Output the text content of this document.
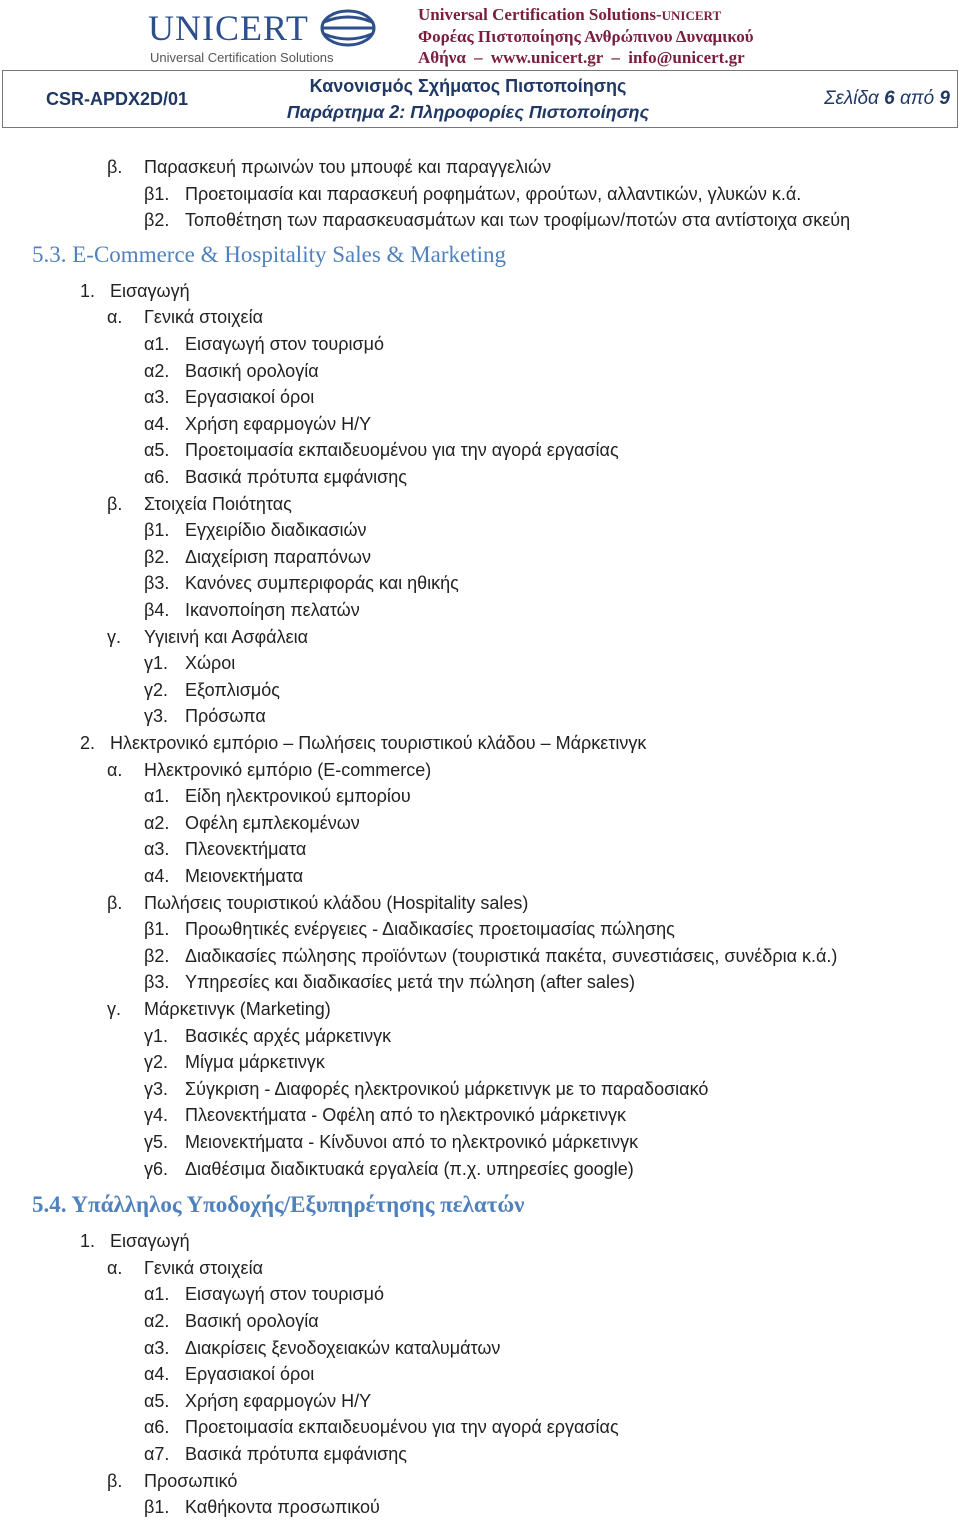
UNICERT
Universal Certification Solutions
Universal Certification Solutions-UNICERT
Φορέας Πιστοποίησης Ανθρώπινου Δυναμικού
Αθήνα – www.unicert.gr – info@unicert.gr
CSR-APDX2D/01
Κανονισμός Σχήματος Πιστοποίησης
Παράρτημα 2: Πληροφορίες Πιστοποίησης
Σελίδα 6 από 9
β. Παρασκευή πρωινών του μπουφέ και παραγγελιών
β1. Προετοιμασία και παρασκευή ροφημάτων, φρούτων, αλλαντικών, γλυκών κ.ά.
β2. Τοποθέτηση των παρασκευασμάτων και των τροφίμων/ποτών στα αντίστοιχα σκεύη
5.3. E-Commerce & Hospitality Sales & Marketing
1. Εισαγωγή
α. Γενικά στοιχεία
α1. Εισαγωγή στον τουρισμό
α2. Βασική ορολογία
α3. Εργασιακοί όροι
α4. Χρήση εφαρμογών Η/Υ
α5. Προετοιμασία εκπαιδευομένου για την αγορά εργασίας
α6. Βασικά πρότυπα εμφάνισης
β. Στοιχεία Ποιότητας
β1. Εγχειρίδιο διαδικασιών
β2. Διαχείριση παραπόνων
β3. Κανόνες συμπεριφοράς και ηθικής
β4. Ικανοποίηση πελατών
γ. Υγιεινή και Ασφάλεια
γ1. Χώροι
γ2. Εξοπλισμός
γ3. Πρόσωπα
2. Ηλεκτρονικό εμπόριο – Πωλήσεις τουριστικού κλάδου – Μάρκετινγκ
α. Ηλεκτρονικό εμπόριο (E-commerce)
α1. Είδη ηλεκτρονικού εμπορίου
α2. Οφέλη εμπλεκομένων
α3. Πλεονεκτήματα
α4. Μειονεκτήματα
β. Πωλήσεις τουριστικού κλάδου (Hospitality sales)
β1. Προωθητικές ενέργειες - Διαδικασίες προετοιμασίας πώλησης
β2. Διαδικασίες πώλησης προϊόντων (τουριστικά πακέτα, συνεστιάσεις, συνέδρια κ.ά.)
β3. Υπηρεσίες και διαδικασίες μετά την πώληση (after sales)
γ. Μάρκετινγκ (Marketing)
γ1. Βασικές αρχές μάρκετινγκ
γ2. Μίγμα μάρκετινγκ
γ3. Σύγκριση - Διαφορές ηλεκτρονικού μάρκετινγκ με το παραδοσιακό
γ4. Πλεονεκτήματα - Οφέλη από το ηλεκτρονικό μάρκετινγκ
γ5. Μειονεκτήματα - Κίνδυνοι από το ηλεκτρονικό μάρκετινγκ
γ6. Διαθέσιμα διαδικτυακά εργαλεία (π.χ. υπηρεσίες google)
5.4. Υπάλληλος Υποδοχής/Εξυπηρέτησης πελατών
1. Εισαγωγή
α. Γενικά στοιχεία
α1. Εισαγωγή στον τουρισμό
α2. Βασική ορολογία
α3. Διακρίσεις ξενοδοχειακών καταλυμάτων
α4. Εργασιακοί όροι
α5. Χρήση εφαρμογών Η/Υ
α6. Προετοιμασία εκπαιδευομένου για την αγορά εργασίας
α7. Βασικά πρότυπα εμφάνισης
β. Προσωπικό
β1. Καθήκοντα προσωπικού
